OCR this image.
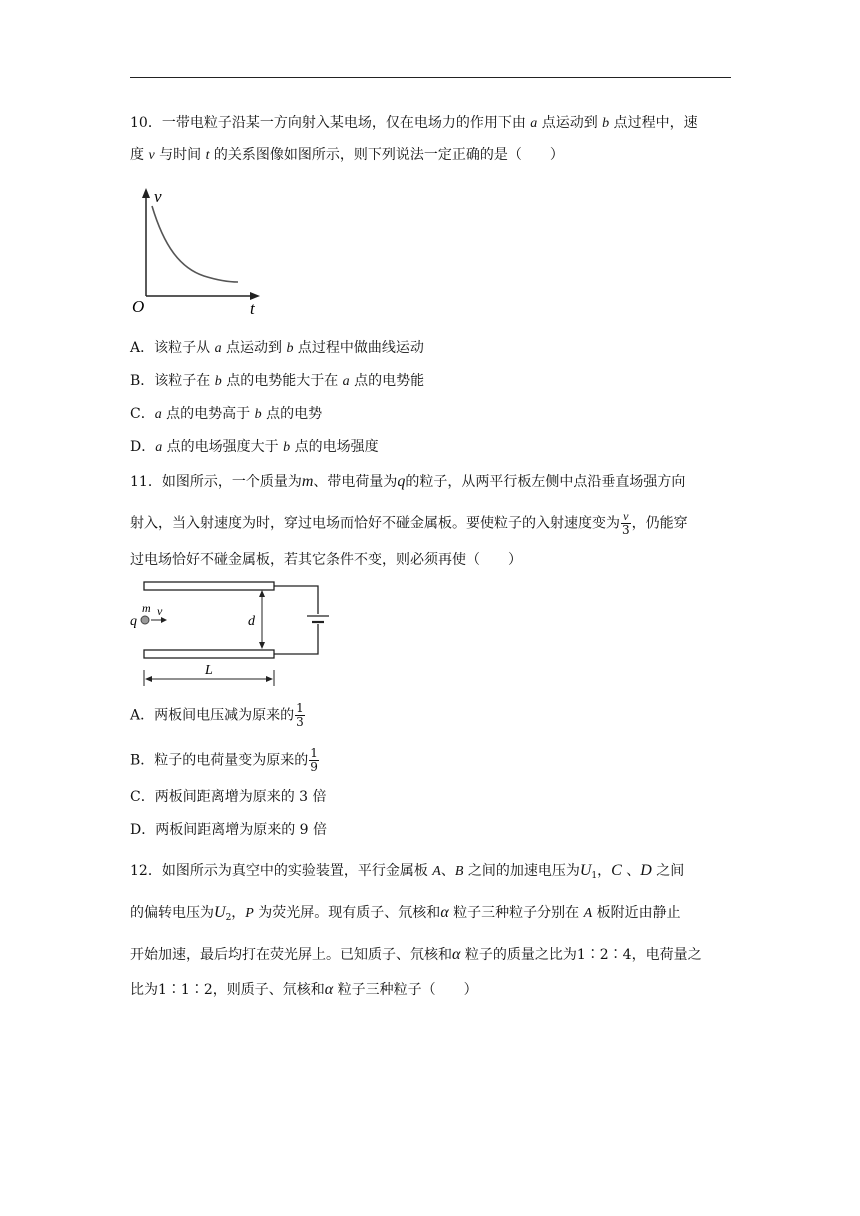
10．一带电粒子沿某一方向射入某电场，仅在电场力的作用下由 a 点运动到 b 点过程中，速
度 v 与时间 t 的关系图像如图所示，则下列说法一定正确的是（　　）
v
t
O
A．该粒子从 a 点运动到 b 点过程中做曲线运动
B．该粒子在 b 点的电势能大于在 a 点的电势能
C．a 点的电势高于 b 点的电势
D．a 点的电场强度大于 b 点的电场强度
11．如图所示，一个质量为m、带电荷量为q的粒子，从两平行板左侧中点沿垂直场强方向
射入，当入射速度为时，穿过电场而恰好不碰金属板。要使粒子的入射速度变为 $\frac{v}{3}$ ，仍能穿
过电场恰好不碰金属板，若其它条件不变，则必须再使（　　）
d
q
m v
L
A．两板间电压减为原来的 $\frac{1}{3}$
B．粒子的电荷量变为原来的 $\frac{1}{9}$
C．两板间距离增为原来的 3 倍
D．两板间距离增为原来的 9 倍
12．如图所示为真空中的实验装置，平行金属板 A、B 之间的加速电压为$U_1$，C 、D 之间
的偏转电压为$U_2$，P 为荧光屏。现有质子、氘核和α 粒子三种粒子分别在 A 板附近由静止
开始加速，最后均打在荧光屏上。已知质子、氘核和α 粒子的质量之比为1∶2∶4，电荷量之
比为1∶1∶2，则质子、氘核和α 粒子三种粒子（　　）
